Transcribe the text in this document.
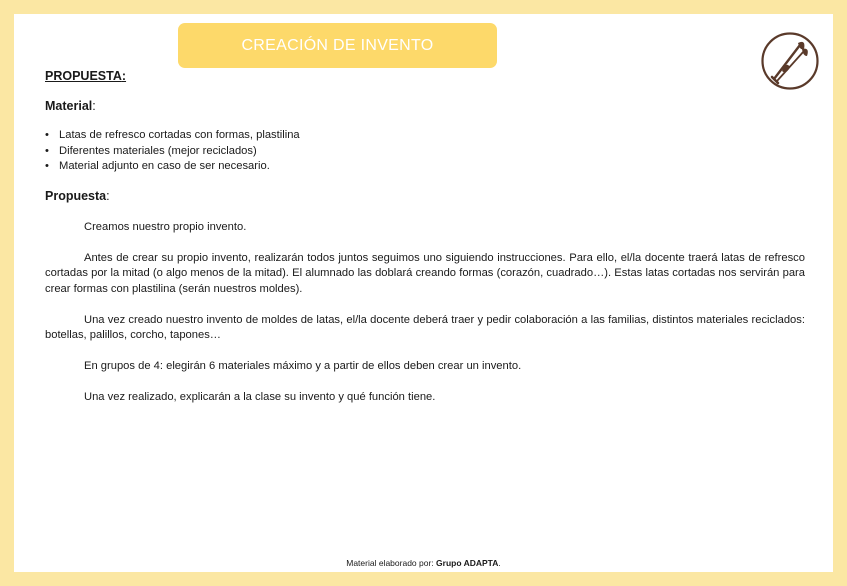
CREACIÓN DE INVENTO

PROPUESTA:

Material:

• Latas de refresco cortadas con formas, plastilina
• Diferentes materiales (mejor reciclados)
• Material adjunto en caso de ser necesario.

Propuesta:

Creamos nuestro propio invento.

Antes de crear su propio invento, realizarán todos juntos seguimos uno siguiendo instrucciones. Para ello, el/la docente traerá latas de refresco cortadas por la mitad (o algo menos de la mitad). El alumnado las doblará creando formas (corazón, cuadrado…). Estas latas cortadas nos servirán para crear formas con plastilina (serán nuestros moldes).

Una vez creado nuestro invento de moldes de latas, el/la docente deberá traer y pedir colaboración a las familias, distintos materiales reciclados: botellas, palillos, corcho, tapones…

En grupos de 4: elegirán 6 materiales máximo y a partir de ellos deben crear un invento.

Una vez realizado, explicarán a la clase su invento y qué función tiene.

Material elaborado por: Grupo ADAPTA.
